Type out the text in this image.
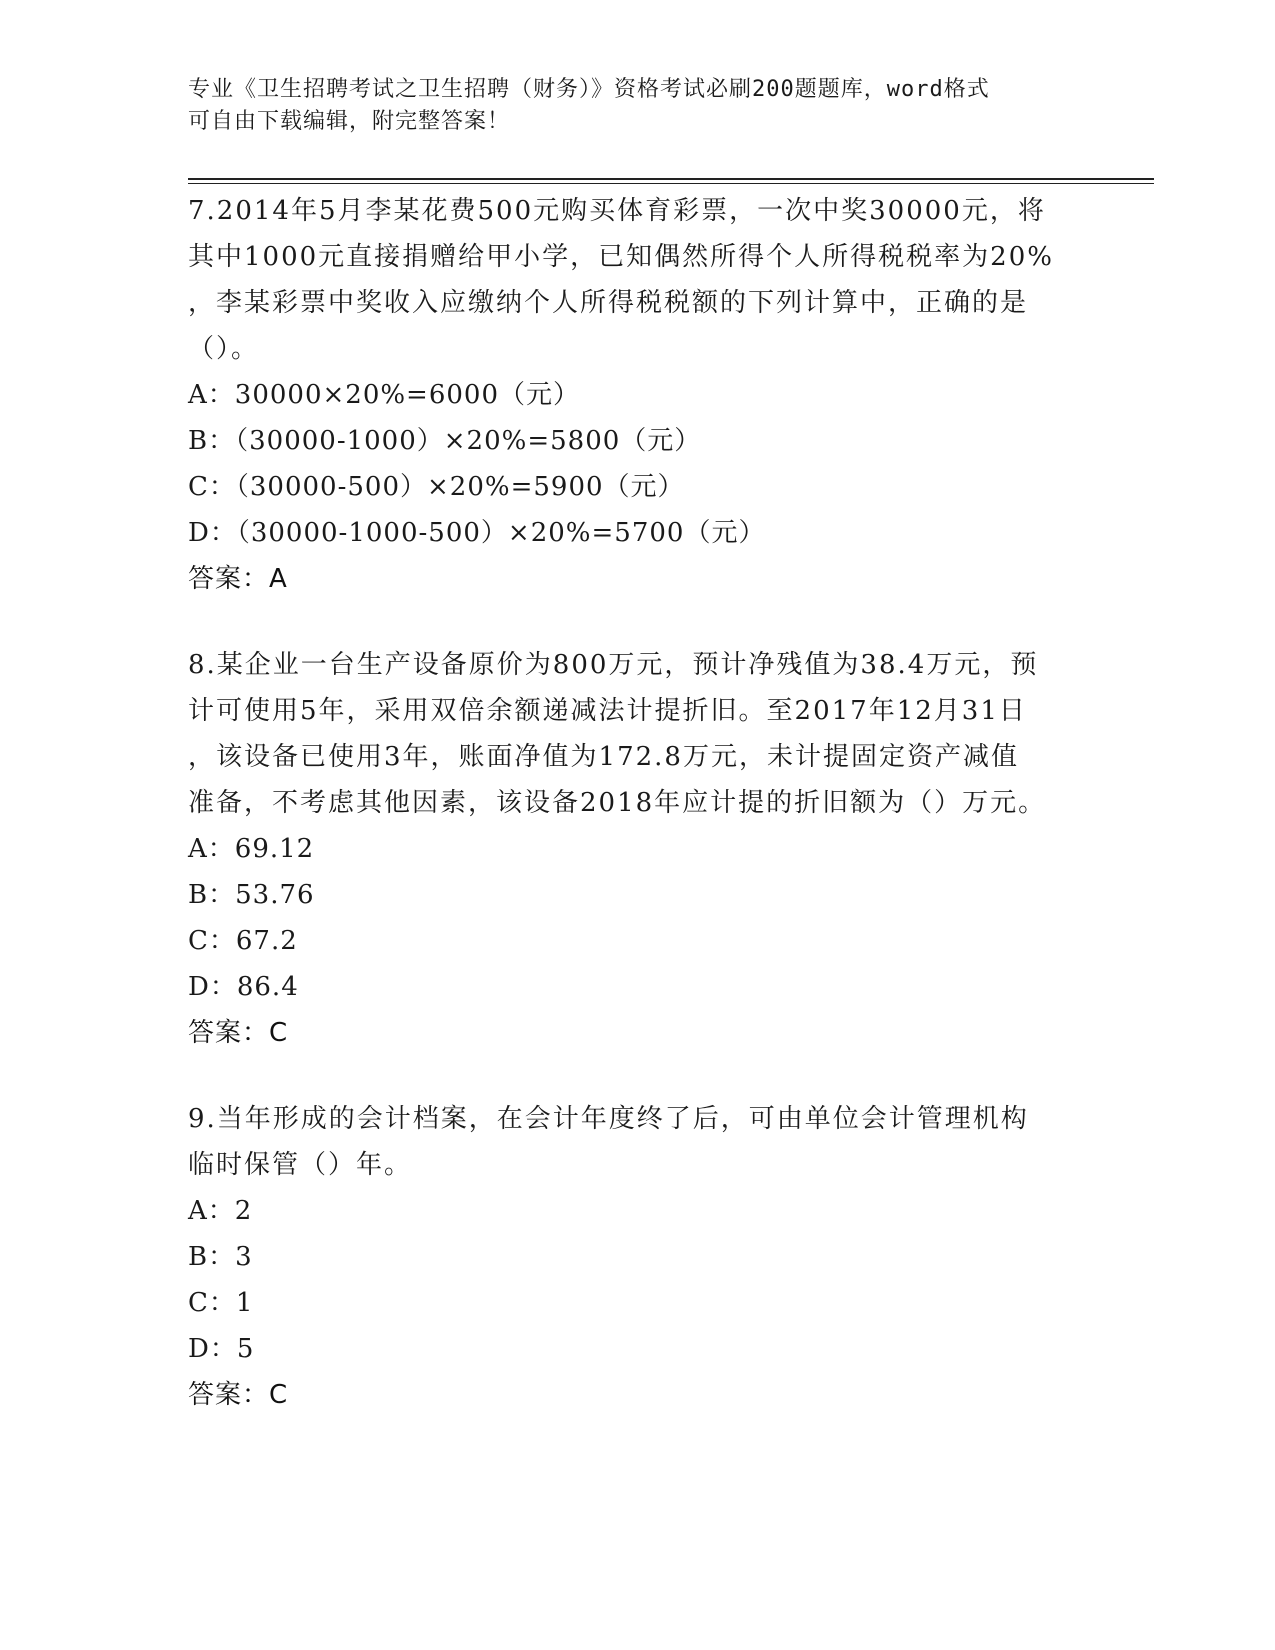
专业《卫生招聘考试之卫生招聘（财务）》资格考试必刷200题题库，word格式
可自由下载编辑，附完整答案！

7.2014年5月李某花费500元购买体育彩票，一次中奖30000元，将

其中1000元直接捐赠给甲小学，已知偶然所得个人所得税税率为20%

，李某彩票中奖收入应缴纳个人所得税税额的下列计算中，正确的是

（）。

A：30000×20%=6000（元）

B：（30000-1000）×20%=5800（元）

C：（30000-500）×20%=5900（元）

D：（30000-1000-500）×20%=5700（元）

答案：A

8.某企业一台生产设备原价为800万元，预计净残值为38.4万元，预

计可使用5年，采用双倍余额递减法计提折旧。至2017年12月31日

，该设备已使用3年，账面净值为172.8万元，未计提固定资产减值

准备，不考虑其他因素，该设备2018年应计提的折旧额为（）万元。

A：69.12

B：53.76

C：67.2

D：86.4

答案：C

9.当年形成的会计档案，在会计年度终了后，可由单位会计管理机构

临时保管（）年。

A：2

B：3

C：1

D：5

答案：C
